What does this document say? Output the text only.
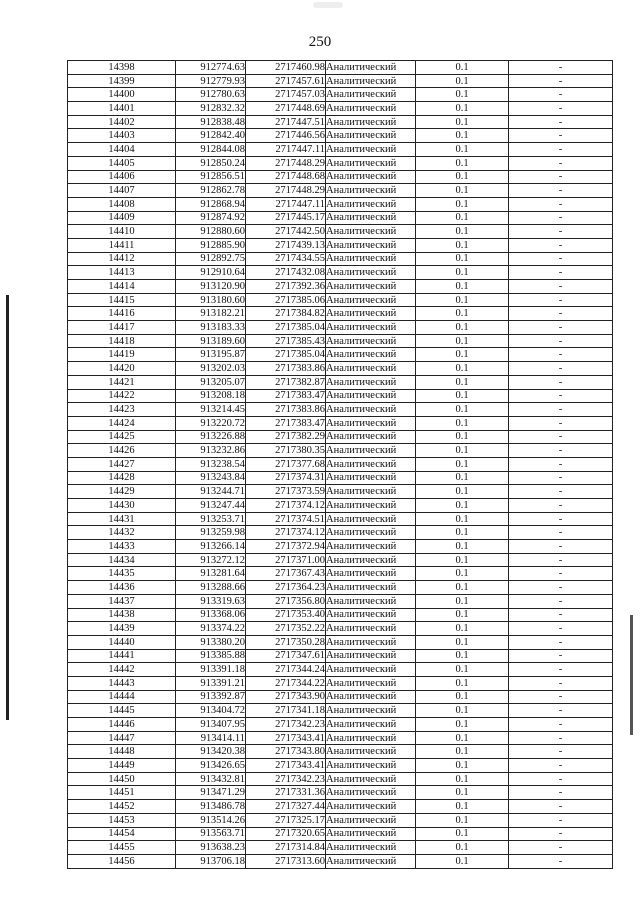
250
14398	912774.63	2717460.98	Аналитический	0.1	-
14399	912779.93	2717457.61	Аналитический	0.1	-
14400	912780.63	2717457.03	Аналитический	0.1	-
14401	912832.32	2717448.69	Аналитический	0.1	-
14402	912838.48	2717447.51	Аналитический	0.1	-
14403	912842.40	2717446.56	Аналитический	0.1	-
14404	912844.08	2717447.11	Аналитический	0.1	-
14405	912850.24	2717448.29	Аналитический	0.1	-
14406	912856.51	2717448.68	Аналитический	0.1	-
14407	912862.78	2717448.29	Аналитический	0.1	-
14408	912868.94	2717447.11	Аналитический	0.1	-
14409	912874.92	2717445.17	Аналитический	0.1	-
14410	912880.60	2717442.50	Аналитический	0.1	-
14411	912885.90	2717439.13	Аналитический	0.1	-
14412	912892.75	2717434.55	Аналитический	0.1	-
14413	912910.64	2717432.08	Аналитический	0.1	-
14414	913120.90	2717392.36	Аналитический	0.1	-
14415	913180.60	2717385.06	Аналитический	0.1	-
14416	913182.21	2717384.82	Аналитический	0.1	-
14417	913183.33	2717385.04	Аналитический	0.1	-
14418	913189.60	2717385.43	Аналитический	0.1	-
14419	913195.87	2717385.04	Аналитический	0.1	-
14420	913202.03	2717383.86	Аналитический	0.1	-
14421	913205.07	2717382.87	Аналитический	0.1	-
14422	913208.18	2717383.47	Аналитический	0.1	-
14423	913214.45	2717383.86	Аналитический	0.1	-
14424	913220.72	2717383.47	Аналитический	0.1	-
14425	913226.88	2717382.29	Аналитический	0.1	-
14426	913232.86	2717380.35	Аналитический	0.1	-
14427	913238.54	2717377.68	Аналитический	0.1	-
14428	913243.84	2717374.31	Аналитический	0.1	-
14429	913244.71	2717373.59	Аналитический	0.1	-
14430	913247.44	2717374.12	Аналитический	0.1	-
14431	913253.71	2717374.51	Аналитический	0.1	-
14432	913259.98	2717374.12	Аналитический	0.1	-
14433	913266.14	2717372.94	Аналитический	0.1	-
14434	913272.12	2717371.00	Аналитический	0.1	-
14435	913281.64	2717367.43	Аналитический	0.1	-
14436	913288.66	2717364.23	Аналитический	0.1	-
14437	913319.63	2717356.80	Аналитический	0.1	-
14438	913368.06	2717353.40	Аналитический	0.1	-
14439	913374.22	2717352.22	Аналитический	0.1	-
14440	913380.20	2717350.28	Аналитический	0.1	-
14441	913385.88	2717347.61	Аналитический	0.1	-
14442	913391.18	2717344.24	Аналитический	0.1	-
14443	913391.21	2717344.22	Аналитический	0.1	-
14444	913392.87	2717343.90	Аналитический	0.1	-
14445	913404.72	2717341.18	Аналитический	0.1	-
14446	913407.95	2717342.23	Аналитический	0.1	-
14447	913414.11	2717343.41	Аналитический	0.1	-
14448	913420.38	2717343.80	Аналитический	0.1	-
14449	913426.65	2717343.41	Аналитический	0.1	-
14450	913432.81	2717342.23	Аналитический	0.1	-
14451	913471.29	2717331.36	Аналитический	0.1	-
14452	913486.78	2717327.44	Аналитический	0.1	-
14453	913514.26	2717325.17	Аналитический	0.1	-
14454	913563.71	2717320.65	Аналитический	0.1	-
14455	913638.23	2717314.84	Аналитический	0.1	-
14456	913706.18	2717313.60	Аналитический	0.1	-
